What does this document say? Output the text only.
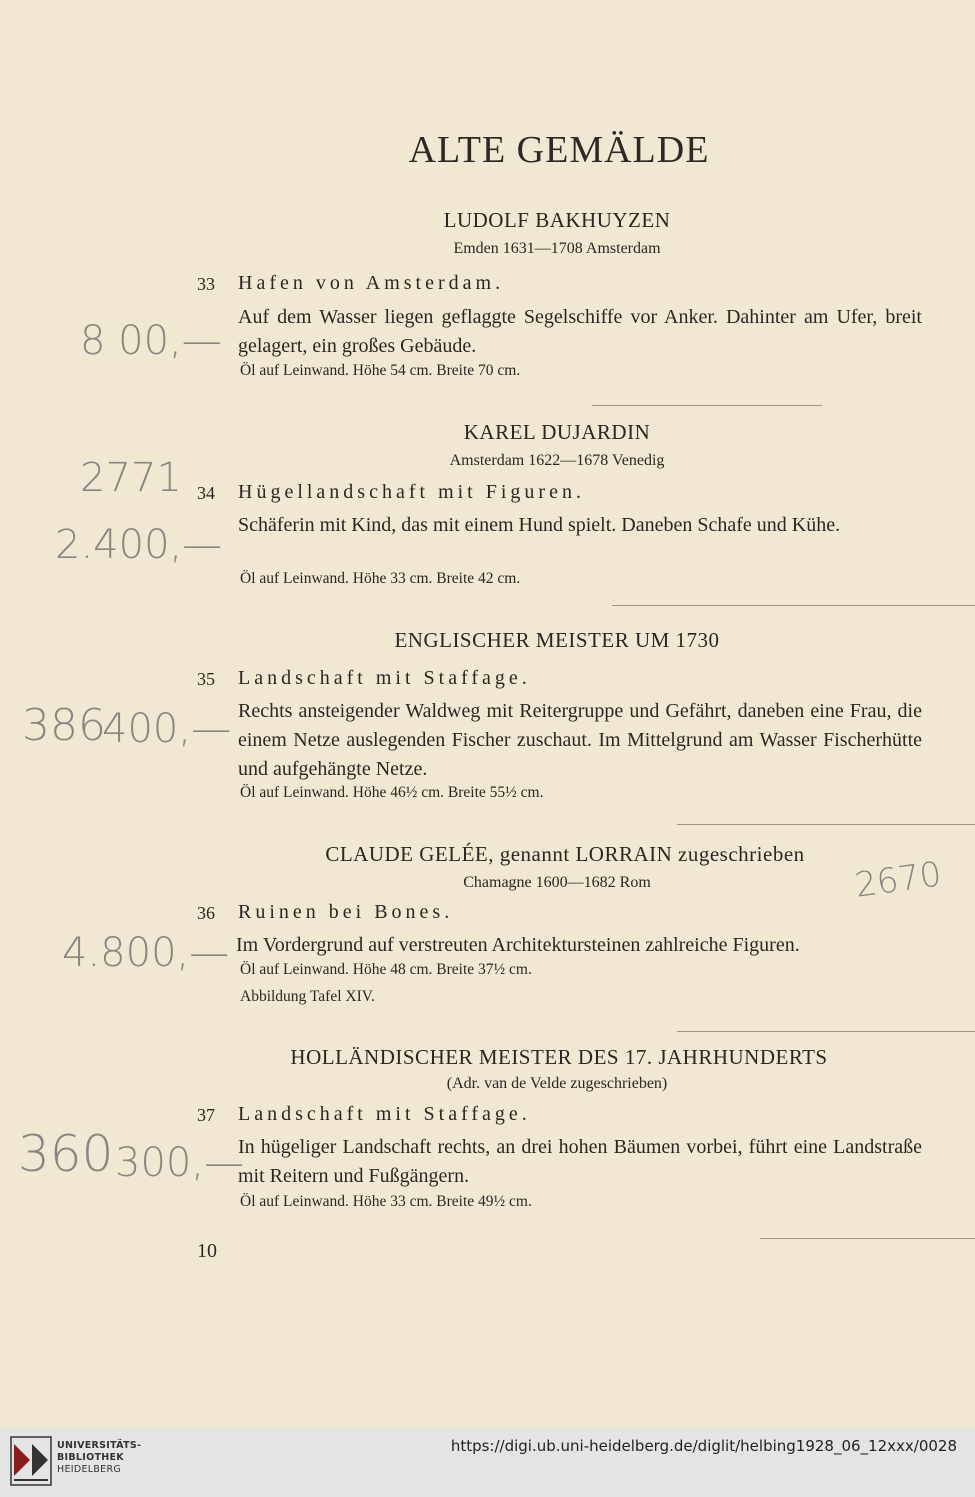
ALTE GEMÄLDE
LUDOLF BAKHUYZEN
Emden 1631—1708 Amsterdam
33 Hafen von Amsterdam.
Auf dem Wasser liegen geflaggte Segelschiffe vor Anker. Dahinter am Ufer, breit gelagert, ein großes Gebäude.
Öl auf Leinwand. Höhe 54 cm. Breite 70 cm.
8 00,—
KAREL DUJARDIN
Amsterdam 1622—1678 Venedig
34 Hügellandschaft mit Figuren.
Schäferin mit Kind, das mit einem Hund spielt. Daneben Schafe und Kühe.
Öl auf Leinwand. Höhe 33 cm. Breite 42 cm.
2771
2.400,—
ENGLISCHER MEISTER UM 1730
35 Landschaft mit Staffage.
Rechts ansteigender Waldweg mit Reitergruppe und Gefährt, daneben eine Frau, die einem Netze auslegenden Fischer zuschaut. Im Mittelgrund am Wasser Fischerhütte und aufgehängte Netze.
Öl auf Leinwand. Höhe 46½ cm. Breite 55½ cm.
386
400,—
CLAUDE GELÉE, genannt LORRAIN zugeschrieben
Chamagne 1600—1682 Rom
36 Ruinen bei Bones.
Im Vordergrund auf verstreuten Architektursteinen zahlreiche Figuren.
Öl auf Leinwand. Höhe 48 cm. Breite 37½ cm.
Abbildung Tafel XIV.
4.800,—
2670
HOLLÄNDISCHER MEISTER DES 17. JAHRHUNDERTS
(Adr. van de Velde zugeschrieben)
37 Landschaft mit Staffage.
In hügeliger Landschaft rechts, an drei hohen Bäumen vorbei, führt eine Landstraße mit Reitern und Fußgängern.
Öl auf Leinwand. Höhe 33 cm. Breite 49½ cm.
360 300,—
10
UNIVERSITÄTS-
BIBLIOTHEK
HEIDELBERG
https://digi.ub.uni-heidelberg.de/diglit/helbing1928_06_12xxx/0028
